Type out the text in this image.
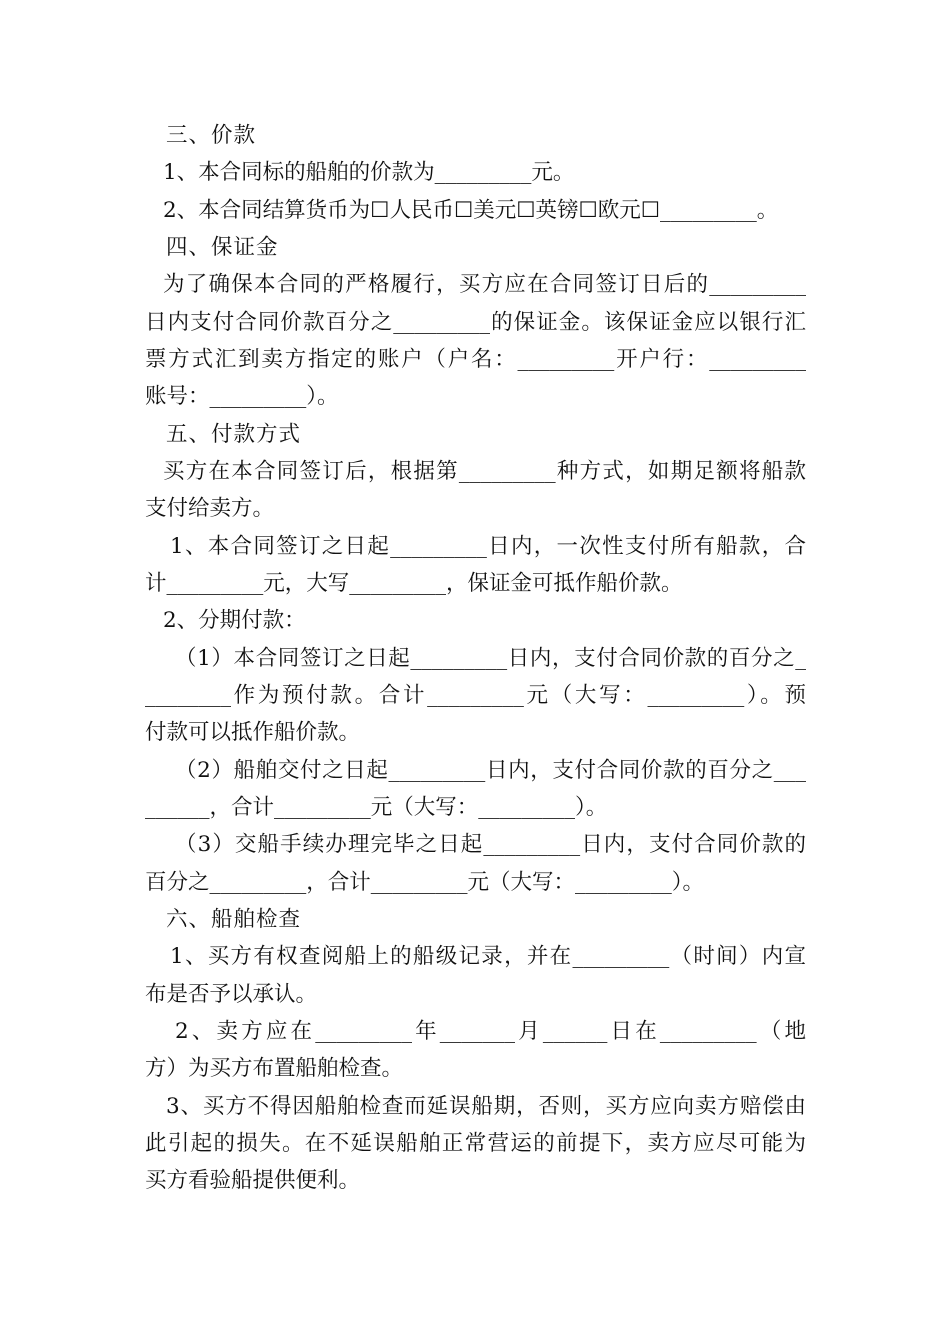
三、价款
1、本合同标的船舶的价款为_________元。
2、本合同结算货币为☐人民币☐美元☐英镑☐欧元☐_________。
四、保证金
为了确保本合同的严格履行，买方应在合同签订日后的_________
日内支付合同价款百分之_________的保证金。该保证金应以银行汇
票方式汇到卖方指定的账户（户名：_________开户行：_________
账号：_________）。
五、付款方式
买方在本合同签订后，根据第_________种方式，如期足额将船款
支付给卖方。
1、本合同签订之日起_________日内，一次性支付所有船款，合
计_________元，大写_________，保证金可抵作船价款。
2、分期付款：
（1）本合同签订之日起_________日内，支付合同价款的百分之_
________作为预付款。合计_________元（大写：_________）。预
付款可以抵作船价款。
（2）船舶交付之日起_________日内，支付合同价款的百分之___
______，合计_________元（大写：_________）。
（3）交船手续办理完毕之日起_________日内，支付合同价款的
百分之_________，合计_________元（大写：_________）。
六、船舶检查
1、买方有权查阅船上的船级记录，并在_________（时间）内宣
布是否予以承认。
2、卖方应在_________年_______月______日在_________（地
方）为买方布置船舶检查。
3、买方不得因船舶检查而延误船期，否则，买方应向卖方赔偿由
此引起的损失。在不延误船舶正常营运的前提下，卖方应尽可能为
买方看验船提供便利。
